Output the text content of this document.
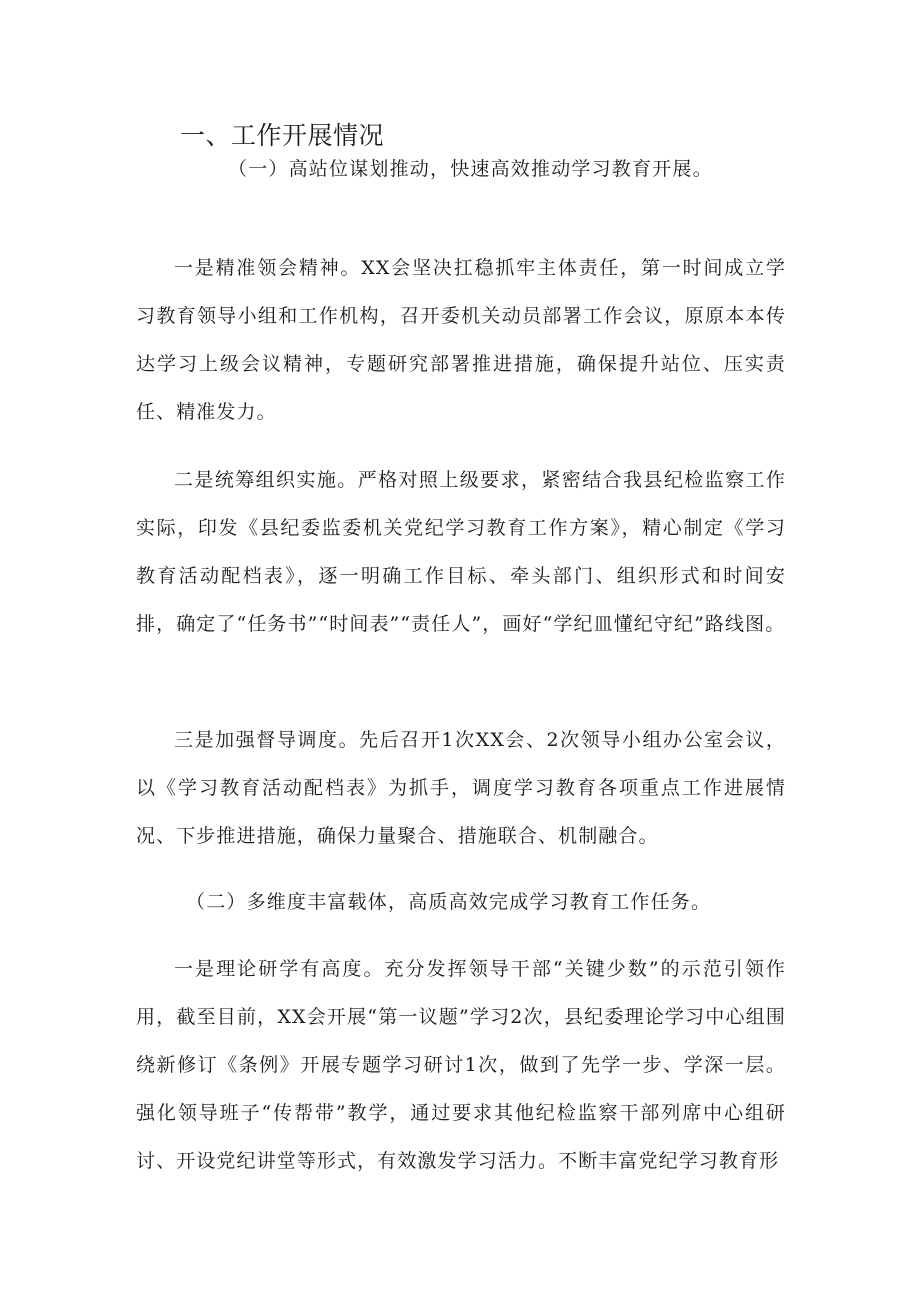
一、工作开展情况

（一）高站位谋划推动，快速高效推动学习教育开展。

一是精准领会精神。XX会坚决扛稳抓牢主体责任，第一时间成立学习教育领导小组和工作机构，召开委机关动员部署工作会议，原原本本传达学习上级会议精神，专题研究部署推进措施，确保提升站位、压实责任、精准发力。

二是统筹组织实施。严格对照上级要求，紧密结合我县纪检监察工作实际，印发《县纪委监委机关党纪学习教育工作方案》，精心制定《学习教育活动配档表》，逐一明确工作目标、牵头部门、组织形式和时间安排，确定了“任务书”“时间表”“责任人”，画好“学纪皿懂纪守纪”路线图。

三是加强督导调度。先后召开1次XX会、2次领导小组办公室会议，以《学习教育活动配档表》为抓手，调度学习教育各项重点工作进展情况、下步推进措施，确保力量聚合、措施联合、机制融合。

（二）多维度丰富载体，高质高效完成学习教育工作任务。

一是理论研学有高度。充分发挥领导干部“关键少数”的示范引领作用，截至目前，XX会开展“第一议题”学习2次，县纪委理论学习中心组围绕新修订《条例》开展专题学习研讨1次，做到了先学一步、学深一层。强化领导班子“传帮带”教学，通过要求其他纪检监察干部列席中心组研讨、开设党纪讲堂等形式，有效激发学习活力。不断丰富党纪学习教育形
